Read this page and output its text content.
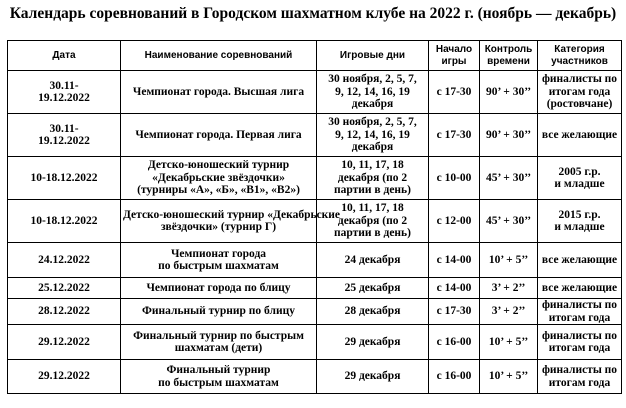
Календарь соревнований в Городском шахматном клубе на 2022 г. (ноябрь — декабрь)
Дата	Наименование соревнований	Игровые дни	Начало игры	Контроль времени	Категория участников

30.11-
19.12.2022	Чемпионат города. Высшая лига	30 ноября, 2, 5, 7,
9, 12, 14, 16, 19
декабря	с 17-30	90’ + 30’’	финалисты по
итогам года
(ростовчане)

30.11-
19.12.2022	Чемпионат города. Первая лига	30 ноября, 2, 5, 7,
9, 12, 14, 16, 19
декабря	с 17-30	90’ + 30’’	все желающие

10-18.12.2022	Детско-юношеский турнир
«Декабрьские звёздочки»
(турниры «А», «Б», «В1», «В2»)	10, 11, 17, 18
декабря (по 2
партии в день)	с 10-00	45’ + 30’’	2005 г.р.
и младше

10-18.12.2022	Детско-юношеский турнир «Декабрьские
звёздочки» (турнир Г)	10, 11, 17, 18
декабря (по 2
партии в день)	с 12-00	45’ + 30’’	2015 г.р.
и младше

24.12.2022	Чемпионат города
по быстрым шахматам	24 декабря	с 14-00	10’ + 5’’	все желающие

25.12.2022	Чемпионат города по блицу	25 декабря	с 14-00	3’ + 2’’	все желающие

28.12.2022	Финальный турнир по блицу	28 декабря	с 17-30	3’ + 2’’	финалисты по
итогам года

29.12.2022	Финальный турнир по быстрым
шахматам (дети)	29 декабря	с 16-00	10’ + 5’’	финалисты по
итогам года

29.12.2022	Финальный турнир
по быстрым шахматам	29 декабря	с 16-00	10’ + 5’’	финалисты по
итогам года
